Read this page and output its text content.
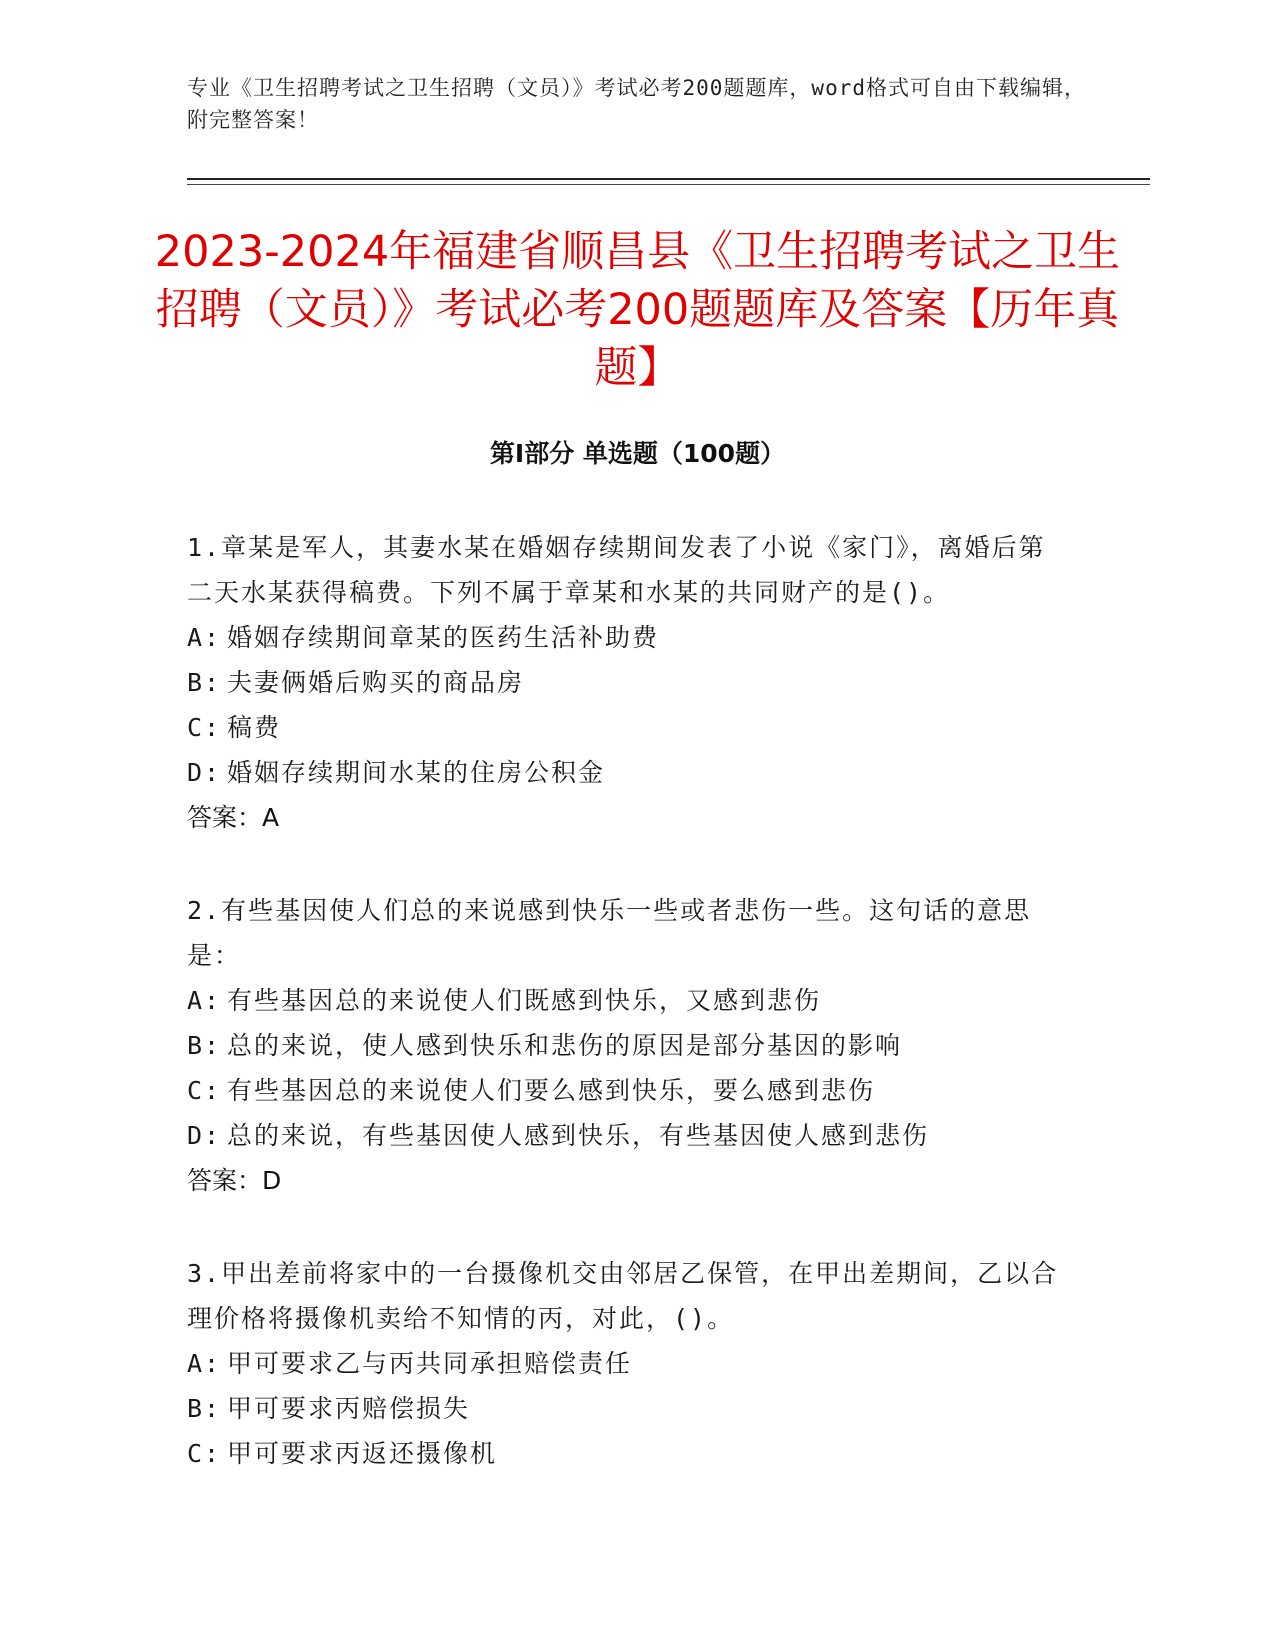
专业《卫生招聘考试之卫生招聘（文员）》考试必考200题题库，word格式可自由下载编辑，附完整答案！
2023-2024年福建省顺昌县《卫生招聘考试之卫生招聘（文员）》考试必考200题题库及答案【历年真题】
第Ⅰ部分 单选题（100题）
1.章某是军人，其妻水某在婚姻存续期间发表了小说《家门》，离婚后第二天水某获得稿费。下列不属于章某和水某的共同财产的是()。
A: 婚姻存续期间章某的医药生活补助费
B: 夫妻俩婚后购买的商品房
C: 稿费
D: 婚姻存续期间水某的住房公积金
答案：A
2.有些基因使人们总的来说感到快乐一些或者悲伤一些。这句话的意思是：
A: 有些基因总的来说使人们既感到快乐，又感到悲伤
B: 总的来说，使人感到快乐和悲伤的原因是部分基因的影响
C: 有些基因总的来说使人们要么感到快乐，要么感到悲伤
D: 总的来说，有些基因使人感到快乐，有些基因使人感到悲伤
答案：D
3.甲出差前将家中的一台摄像机交由邻居乙保管，在甲出差期间，乙以合理价格将摄像机卖给不知情的丙，对此，()。
A: 甲可要求乙与丙共同承担赔偿责任
B: 甲可要求丙赔偿损失
C: 甲可要求丙返还摄像机
